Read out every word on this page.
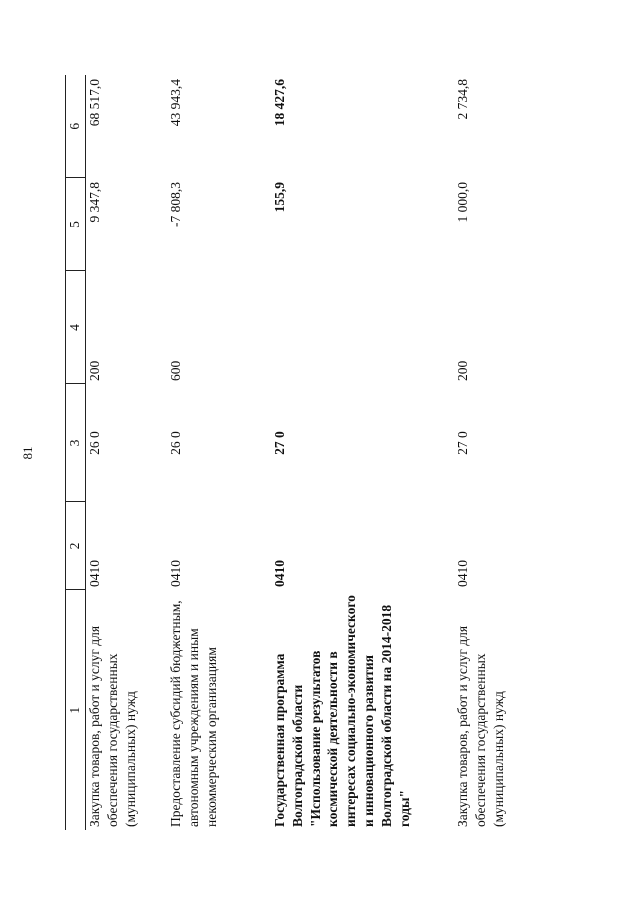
81
1	2	3	4	5	6
Закупка товаров, работ и услуг для обеспечения государственных (муниципальных) нужд	0410	26 0	200	9 347,8	68 517,0
Предоставление субсидий бюджетным, автономным учреждениям и иным некоммерческим организациям	0410	26 0	600	-7 808,3	43 943,4
Государственная программа Волгоградской области "Использование результатов космической деятельности в интересах социально-экономического и инновационного развития Волгоградской области на 2014-2018 годы"	0410	27 0		155,9	18 427,6
Закупка товаров, работ и услуг для обеспечения государственных (муниципальных) нужд	0410	27 0	200	1 000,0	2 734,8
